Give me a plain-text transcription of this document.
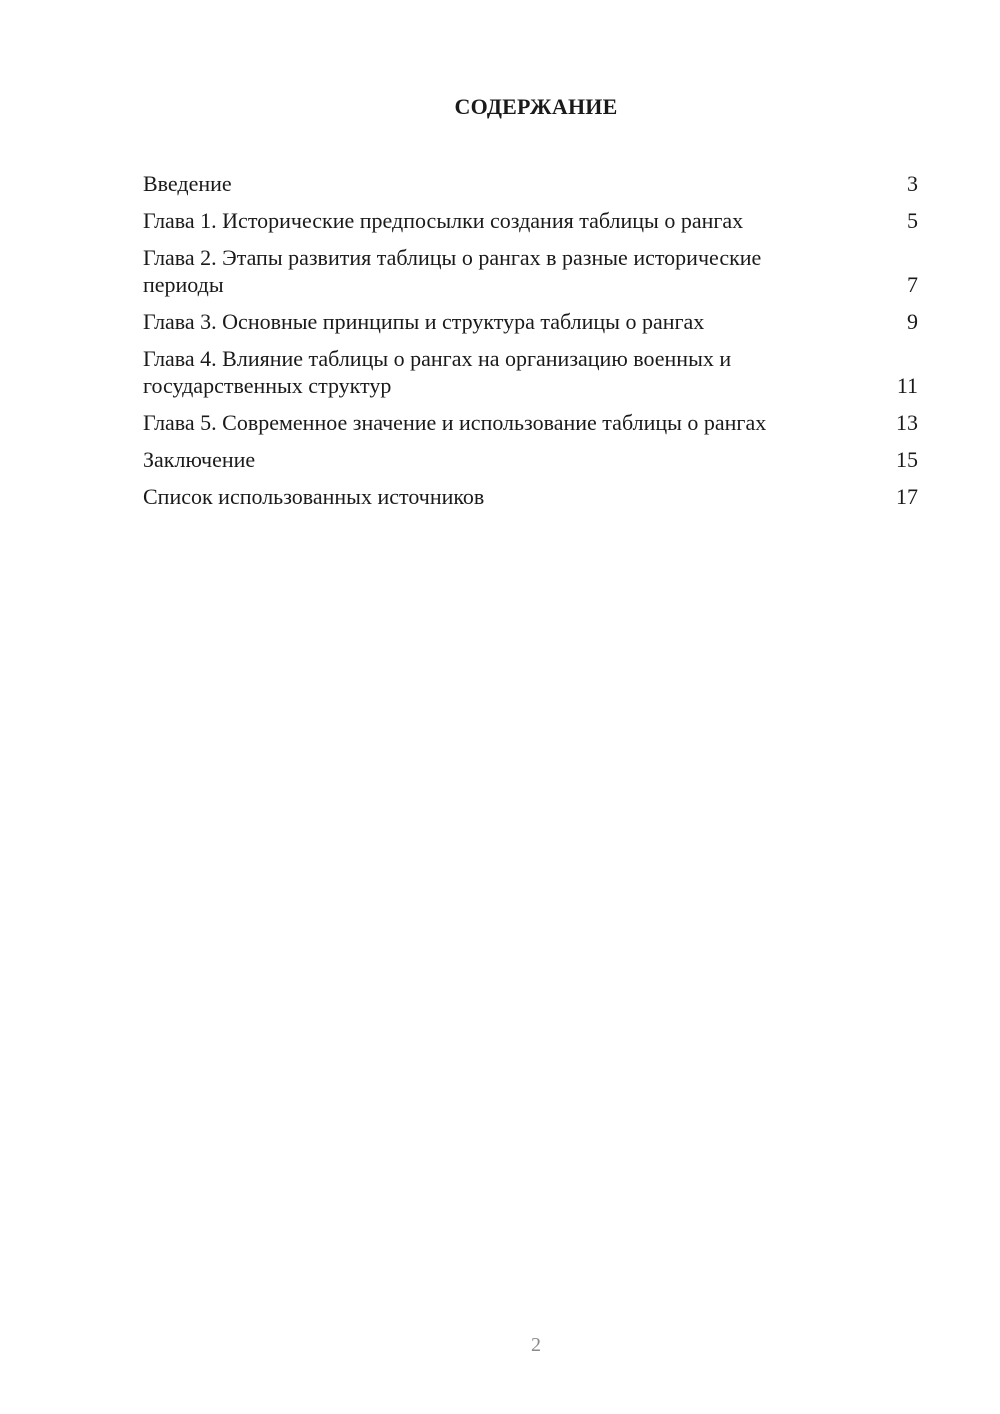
СОДЕРЖАНИЕ
Введение	3
Глава 1. Исторические предпосылки создания таблицы о рангах	5
Глава 2. Этапы развития таблицы о рангах в разные исторические периоды	7
Глава 3. Основные принципы и структура таблицы о рангах	9
Глава 4. Влияние таблицы о рангах на организацию военных и государственных структур	11
Глава 5. Современное значение и использование таблицы о рангах	13
Заключение	15
Список использованных источников	17
2
